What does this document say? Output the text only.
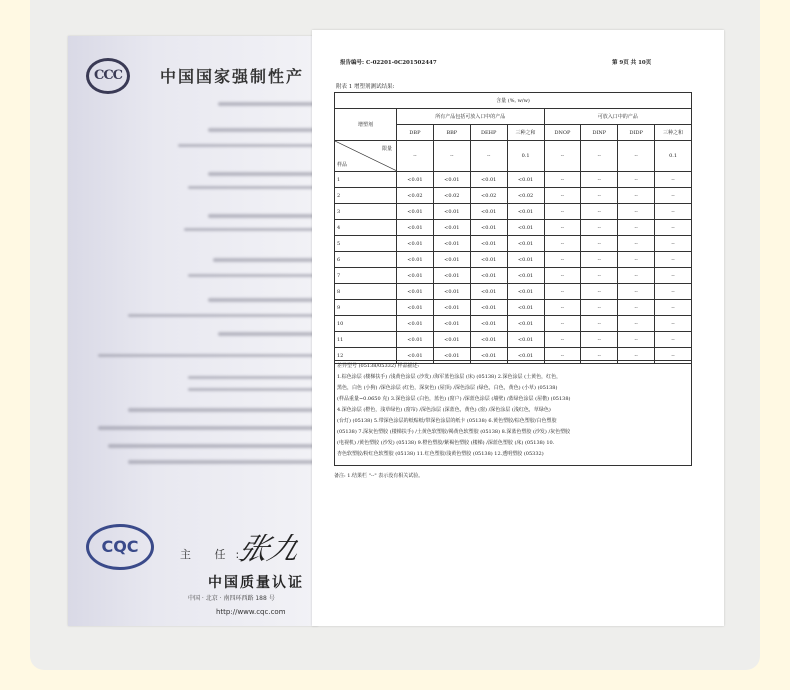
CCC	中国国家强制性产
CQC	主 任:
张九
中国质量认证
中国 · 北京 · 南四环西路 188 号
http://www.cqc.com
报告编号: C-02201-0C201502447	第 9页 共 10页
附表 1 增塑剂测试结果:
含量 (%, w/w)								
增塑剂	所有产品包括可放入口中的产品				可放入口中的产品			
	DBP	BBP	DEHP	三种之和	DNOP	DINP	DIDP	三种之和

限量
样品	--	--	--	0.1	--	--	--	0.1
1	<0.01	<0.01	<0.01	<0.01	--	--	--	--
2	<0.02	<0.02	<0.02	<0.02	--	--	--	--
3	<0.01	<0.01	<0.01	<0.01	--	--	--	--
4	<0.01	<0.01	<0.01	<0.01	--	--	--	--
5	<0.01	<0.01	<0.01	<0.01	--	--	--	--
6	<0.01	<0.01	<0.01	<0.01	--	--	--	--
7	<0.01	<0.01	<0.01	<0.01	--	--	--	--
8	<0.01	<0.01	<0.01	<0.01	--	--	--	--
9	<0.01	<0.01	<0.01	<0.01	--	--	--	--
10	<0.01	<0.01	<0.01	<0.01	--	--	--	--
11	<0.01	<0.01	<0.01	<0.01	--	--	--	--
12	<0.01	<0.01	<0.01	<0.01	--	--	--	--

差异型号 (05138/05332) 样品描述:

1.棕色涂层 (楼梯扶手) /浅黄色涂层 (沙发) /海军蓝色涂层 (床) (05138) 2.深色涂层 (土黄色，红色，

黑色，白色 (小狗) /深色涂层 (红色，深灰色) (屋顶) /深色涂层 (绿色，白色，黄色) (小草) (05138)

(样品重量~0.0650 克) 3.深色涂层 (白色，蓝色) (窗户) /深蓝色涂层 (墙壁) /蓝绿色涂层 (屋檐) (05138)

4.深色涂层 (橙色，浅草绿色) (窗帘) /深色涂层 (深蓝色，黄色) (窗) /深色涂层 (浅红色，草绿色)

(台灯) (05138) 5.带深色涂层的纸贴纸/带深色涂层的纸卡 (05138) 6.黄色塑胶/棕色塑胶/白色塑胶

(05138) 7.深灰色塑胶 (楼梯扶手) /土黄色软塑胶/褐黄色软塑胶 (05138) 8.深蓝色塑胶 (沙发) /灰色塑胶

(电视机) /黄色塑胶 (沙发) (05138) 9.橙色塑胶/紫褐色塑胶 (楼梯) /深蓝色塑胶 (床) (05138) 10.

杏色软塑胶/粉红色软塑胶 (05138) 11.红色塑胶/浅黄色塑胶 (05138) 12.透明塑胶 (05332)

备注: 1.结果栏 "--" 表示没有相关试验。
